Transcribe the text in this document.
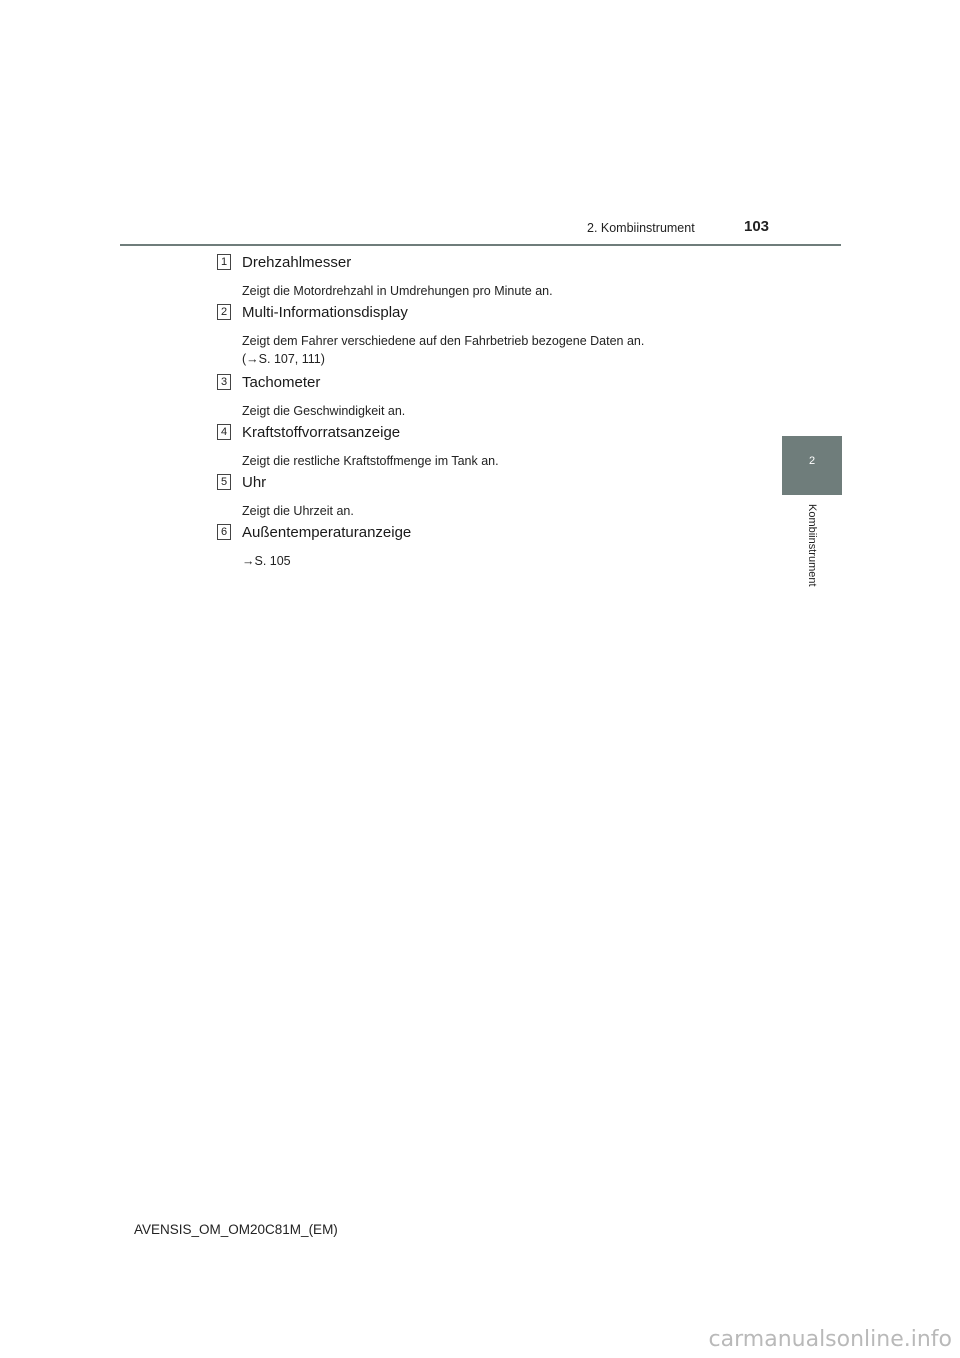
2. Kombiinstrument	103
2
Kombiinstrument
1 Drehzahlmesser
Zeigt die Motordrehzahl in Umdrehungen pro Minute an.
2 Multi-Informationsdisplay
Zeigt dem Fahrer verschiedene auf den Fahrbetrieb bezogene Daten an.
(→S. 107, 111)
3 Tachometer
Zeigt die Geschwindigkeit an.
4 Kraftstoffvorratsanzeige
Zeigt die restliche Kraftstoffmenge im Tank an.
5 Uhr
Zeigt die Uhrzeit an.
6 Außentemperaturanzeige
→S. 105
AVENSIS_OM_OM20C81M_(EM)
carmanualsonline.info
